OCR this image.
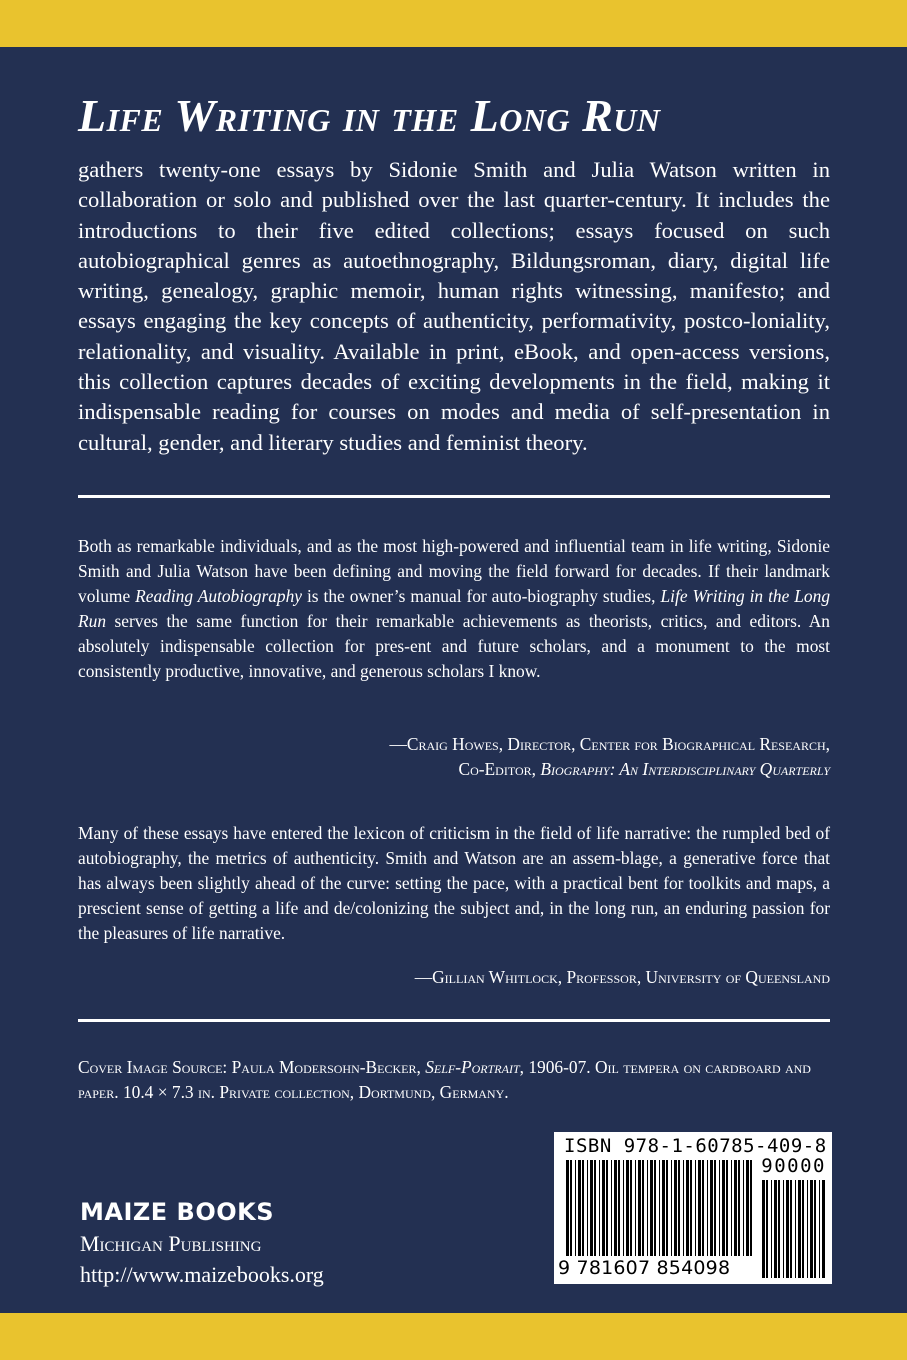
Life Writing in the Long Run

gathers twenty-one essays by Sidonie Smith and Julia Watson written in collaboration or solo and published over the last quarter-century. It includes the introductions to their five edited collections; essays focused on such autobiographical genres as autoethnography, Bildungsroman, diary, digital life writing, genealogy, graphic memoir, human rights witnessing, manifesto; and essays engaging the key concepts of authenticity, performativity, postco-loniality, relationality, and visuality. Available in print, eBook, and open-access versions, this collection captures decades of exciting developments in the field, making it indispensable reading for courses on modes and media of self-presentation in cultural, gender, and literary studies and feminist theory.

Both as remarkable individuals, and as the most high-powered and influential team in life writing, Sidonie Smith and Julia Watson have been defining and moving the field forward for decades. If their landmark volume Reading Autobiography is the owner’s manual for auto-biography studies, Life Writing in the Long Run serves the same function for their remarkable achievements as theorists, critics, and editors. An absolutely indispensable collection for pres-ent and future scholars, and a monument to the most consistently productive, innovative, and generous scholars I know.

—Craig Howes, Director, Center for Biographical Research,
Co-Editor, Biography: An Interdisciplinary Quarterly

Many of these essays have entered the lexicon of criticism in the field of life narrative: the rumpled bed of autobiography, the metrics of authenticity. Smith and Watson are an assem-blage, a generative force that has always been slightly ahead of the curve: setting the pace, with a practical bent for toolkits and maps, a prescient sense of getting a life and de/colonizing the subject and, in the long run, an enduring passion for the pleasures of life narrative.

—Gillian Whitlock, Professor, University of Queensland

Cover Image Source: Paula Modersohn-Becker, Self-Portrait, 1906-07. Oil tempera on cardboard and paper. 10.4 × 7.3 in. Private collection, Dortmund, Germany.

MAIZE BOOKS
Michigan Publishing
http://www.maizebooks.org
ISBN 978-1-60785-409-8
90000
9 781607 854098
